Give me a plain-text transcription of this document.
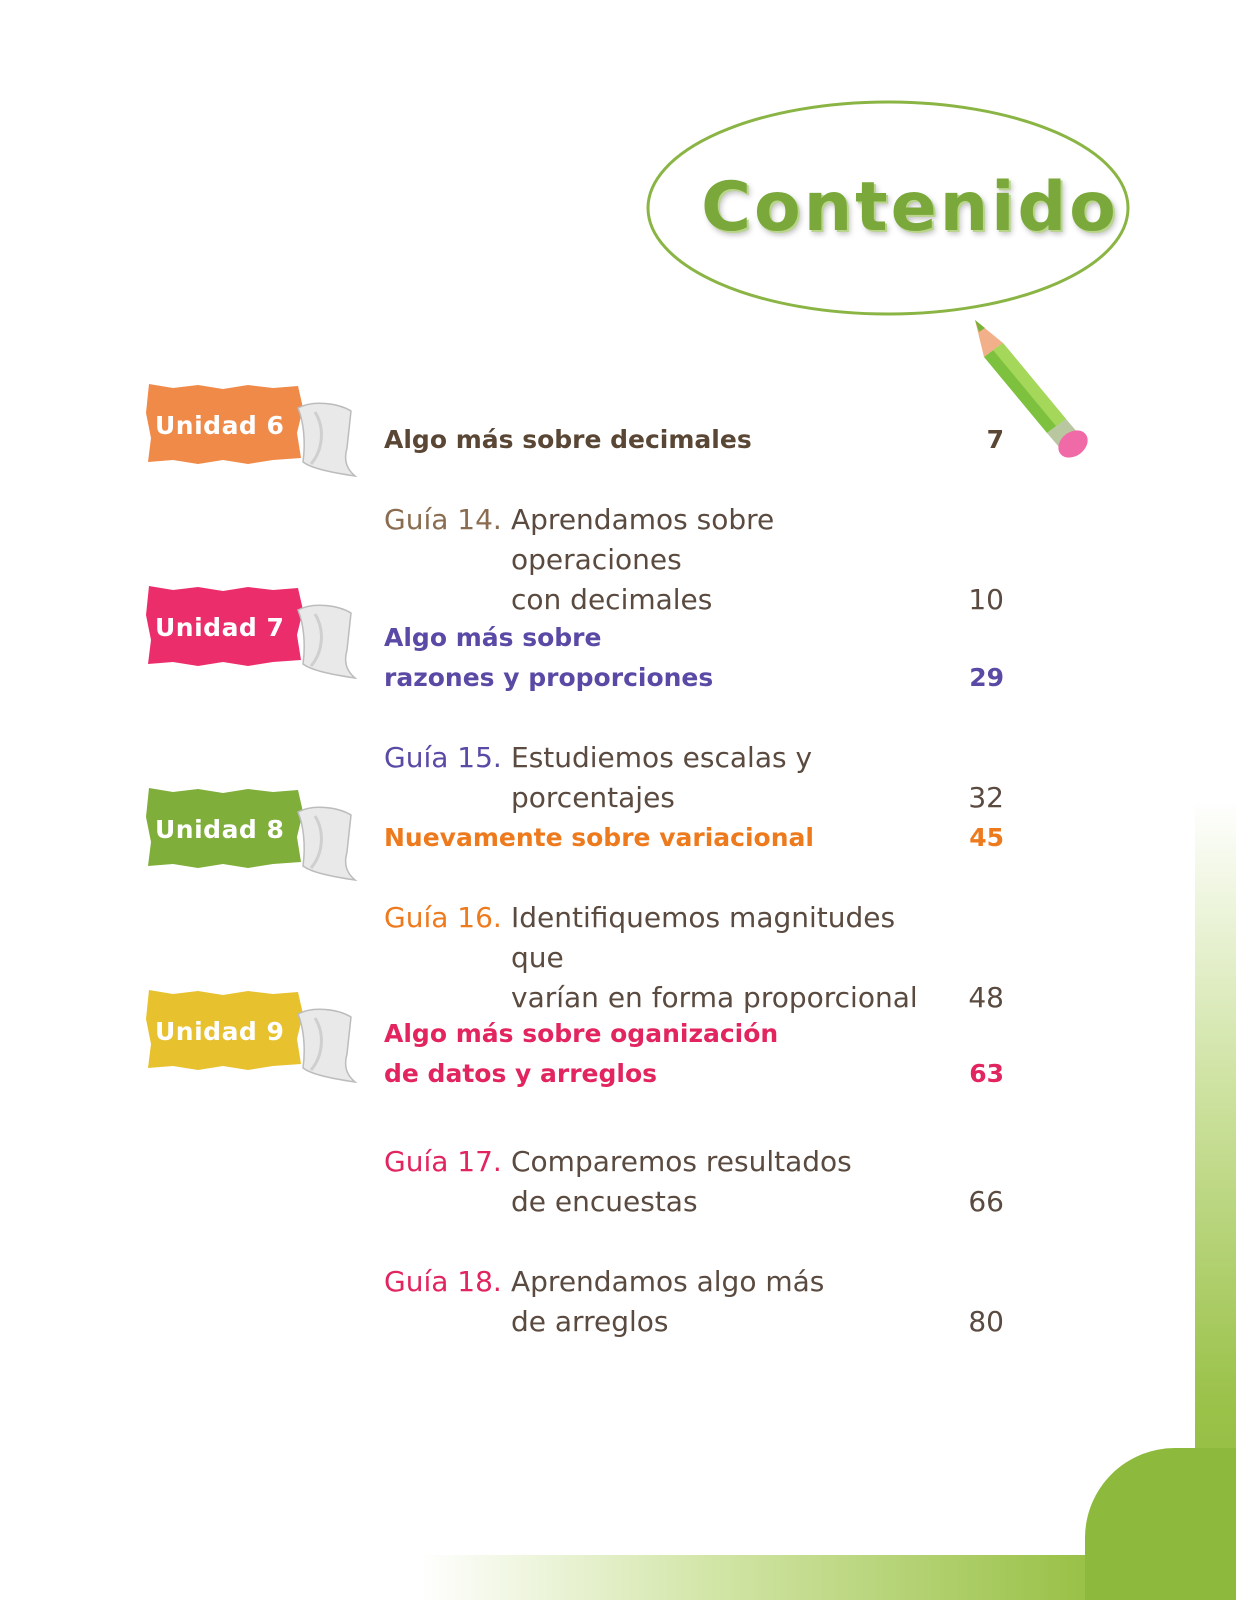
Contenido
Unidad 6
Unidad 7
Unidad 8
Unidad 9
Algo más sobre decimales	7
Guía 14. Aprendamos sobre operaciones
con decimales	10
Algo más sobre
razones y proporciones	29
Guía 15. Estudiemos escalas y porcentajes	32
Nuevamente sobre variacional	45
Guía 16. Identifiquemos magnitudes que
varían en forma proporcional	48
Algo más sobre oganización
de datos y arreglos	63
Guía 17. Comparemos resultados
de encuestas	66
Guía 18. Aprendamos algo más
de arreglos	80
